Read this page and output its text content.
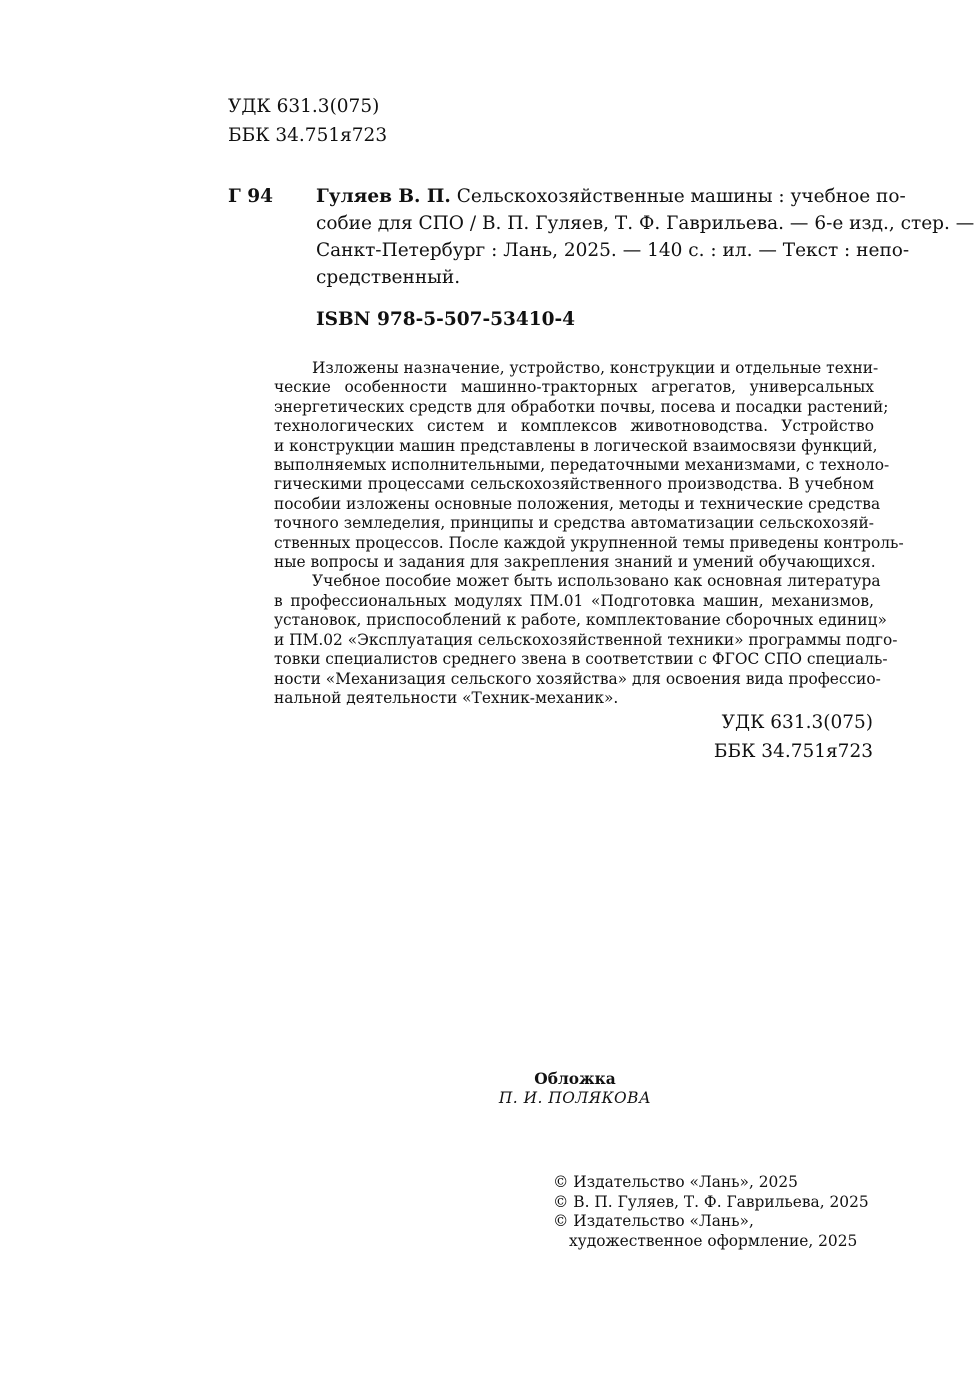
УДК 631.3(075)
ББК 34.751я723
Г 94	Гуляев В. П. Сельскохозяйственные машины : учебное по-
собие для СПО / В. П. Гуляев, Т. Ф. Гаврильева. — 6-е изд., стер. —
Санкт-Петербург : Лань, 2025. — 140 с. : ил. — Текст : непо-
средственный.
ISBN 978-5-507-53410-4
Изложены назначение, устройство, конструкции и отдельные техни-
ческие особенности машинно-тракторных агрегатов, универсальных
энергетических средств для обработки почвы, посева и посадки растений;
технологических систем и комплексов животноводства. Устройство
и конструкции машин представлены в логической взаимосвязи функций,
выполняемых исполнительными, передаточными механизмами, с техноло-
гическими процессами сельскохозяйственного производства. В учебном
пособии изложены основные положения, методы и технические средства
точного земледелия, принципы и средства автоматизации сельскохозяй-
ственных процессов. После каждой укрупненной темы приведены контроль-
ные вопросы и задания для закрепления знаний и умений обучающихся.
Учебное пособие может быть использовано как основная литература
в профессиональных модулях ПМ.01 «Подготовка машин, механизмов,
установок, приспособлений к работе, комплектование сборочных единиц»
и ПМ.02 «Эксплуатация сельскохозяйственной техники» программы подго-
товки специалистов среднего звена в соответствии с ФГОС СПО специаль-
ности «Механизация сельского хозяйства» для освоения вида профессио-
нальной деятельности «Техник-механик».
УДК 631.3(075)
ББК 34.751я723
Обложка
П. И. ПОЛЯКОВА
© Издательство «Лань», 2025
© В. П. Гуляев, Т. Ф. Гаврильева, 2025
© Издательство «Лань»,
художественное оформление, 2025
